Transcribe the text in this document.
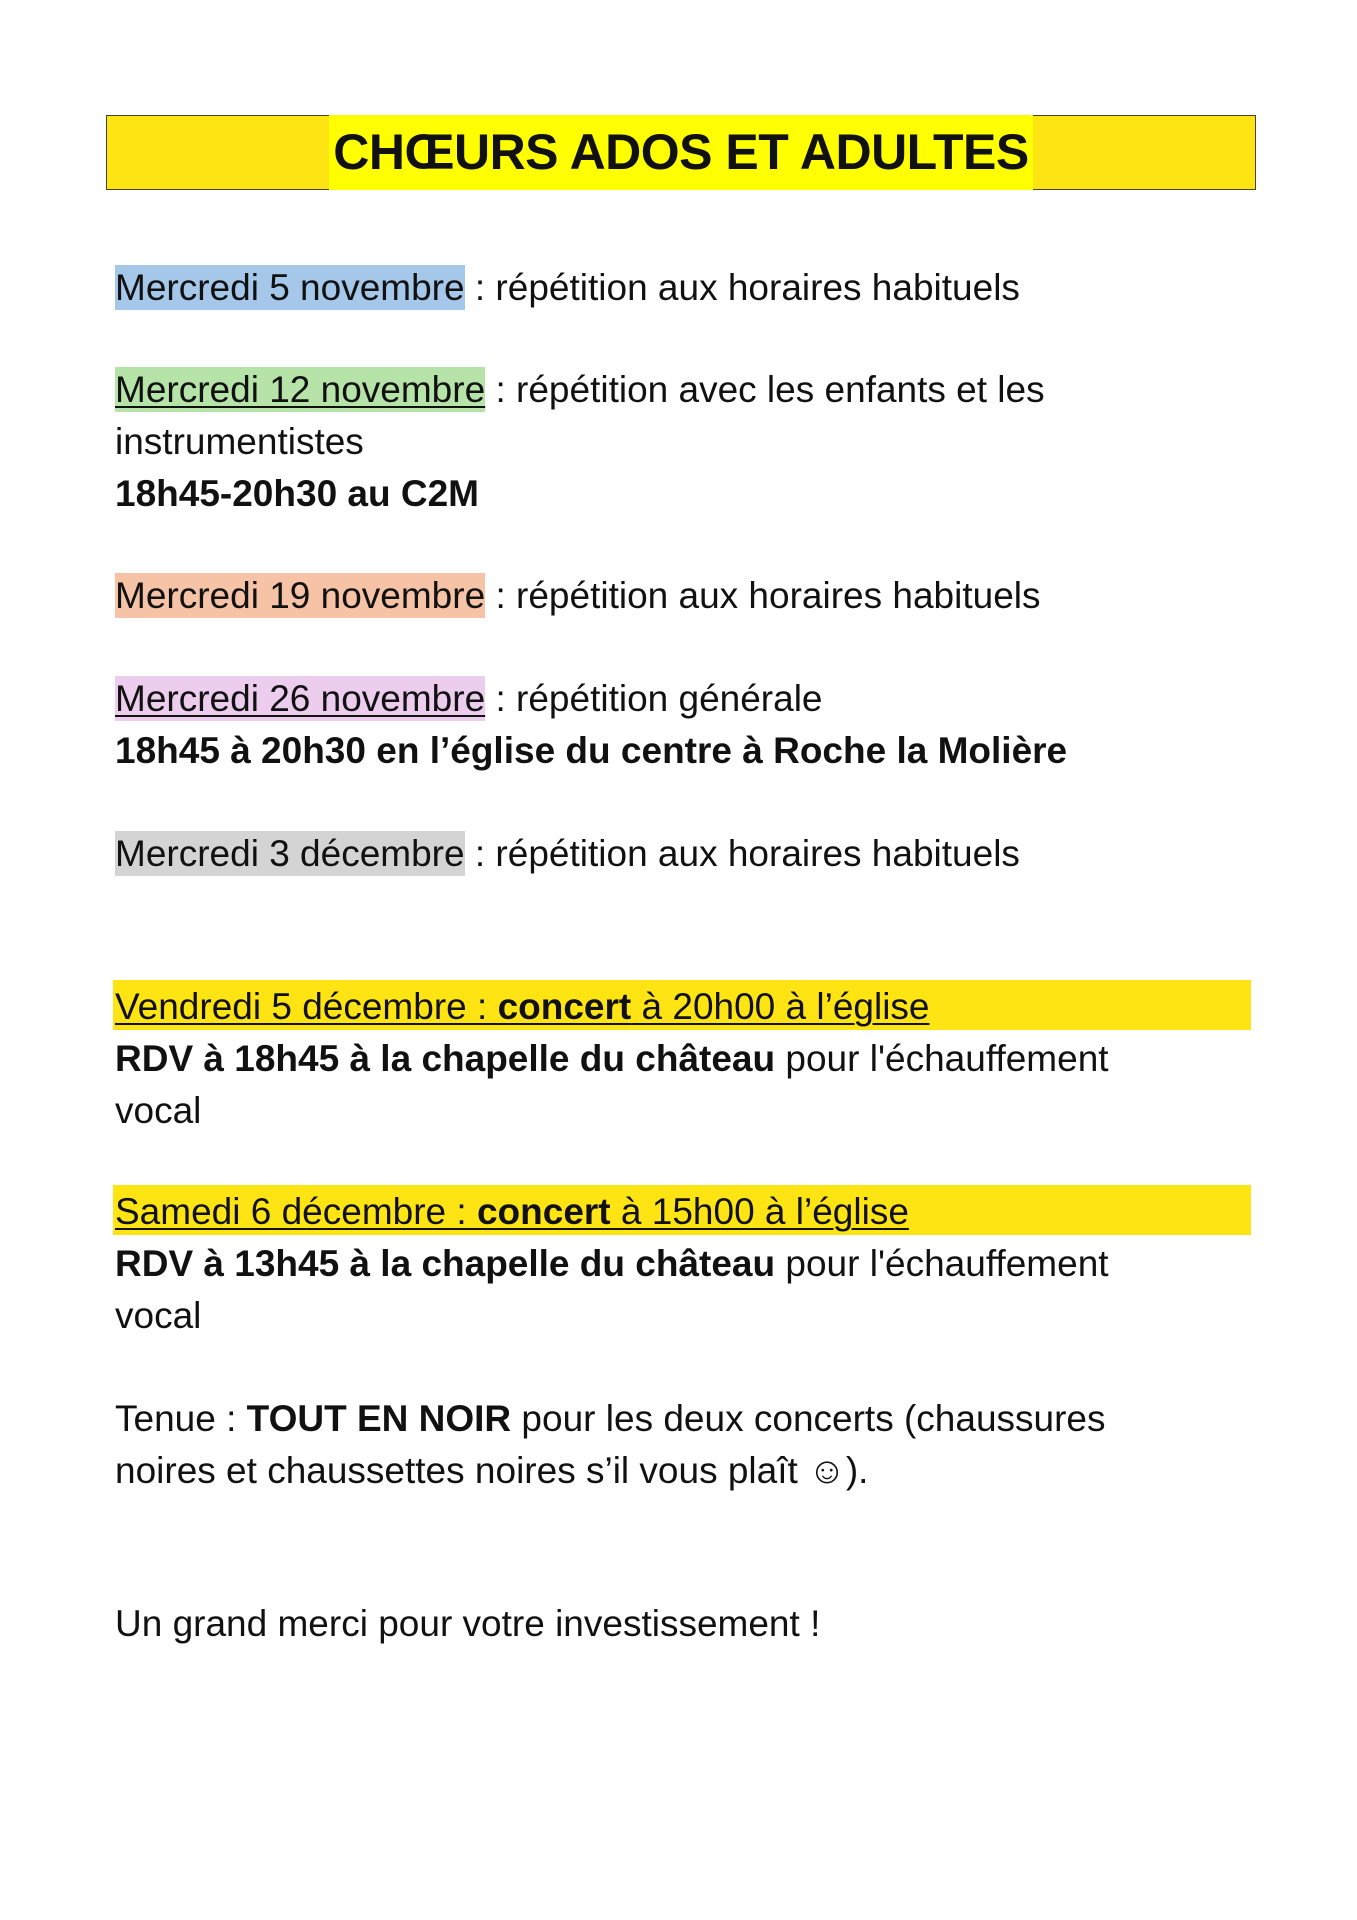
CHŒURS ADOS ET ADULTES
Mercredi 5 novembre : répétition aux horaires habituels
Mercredi 12 novembre : répétition avec les enfants et les
instrumentistes
18h45-20h30 au C2M
Mercredi 19 novembre : répétition aux horaires habituels
Mercredi 26 novembre : répétition générale
18h45 à 20h30 en l’église du centre à Roche la Molière
Mercredi 3 décembre : répétition aux horaires habituels
Vendredi 5 décembre : concert à 20h00 à l’église
RDV à 18h45 à la chapelle du château pour l'échauffement
vocal
Samedi 6 décembre : concert à 15h00 à l’église
RDV à 13h45 à la chapelle du château pour l'échauffement
vocal
Tenue : TOUT EN NOIR pour les deux concerts (chaussures
noires et chaussettes noires s’il vous plaît ☺).
Un grand merci pour votre investissement !
